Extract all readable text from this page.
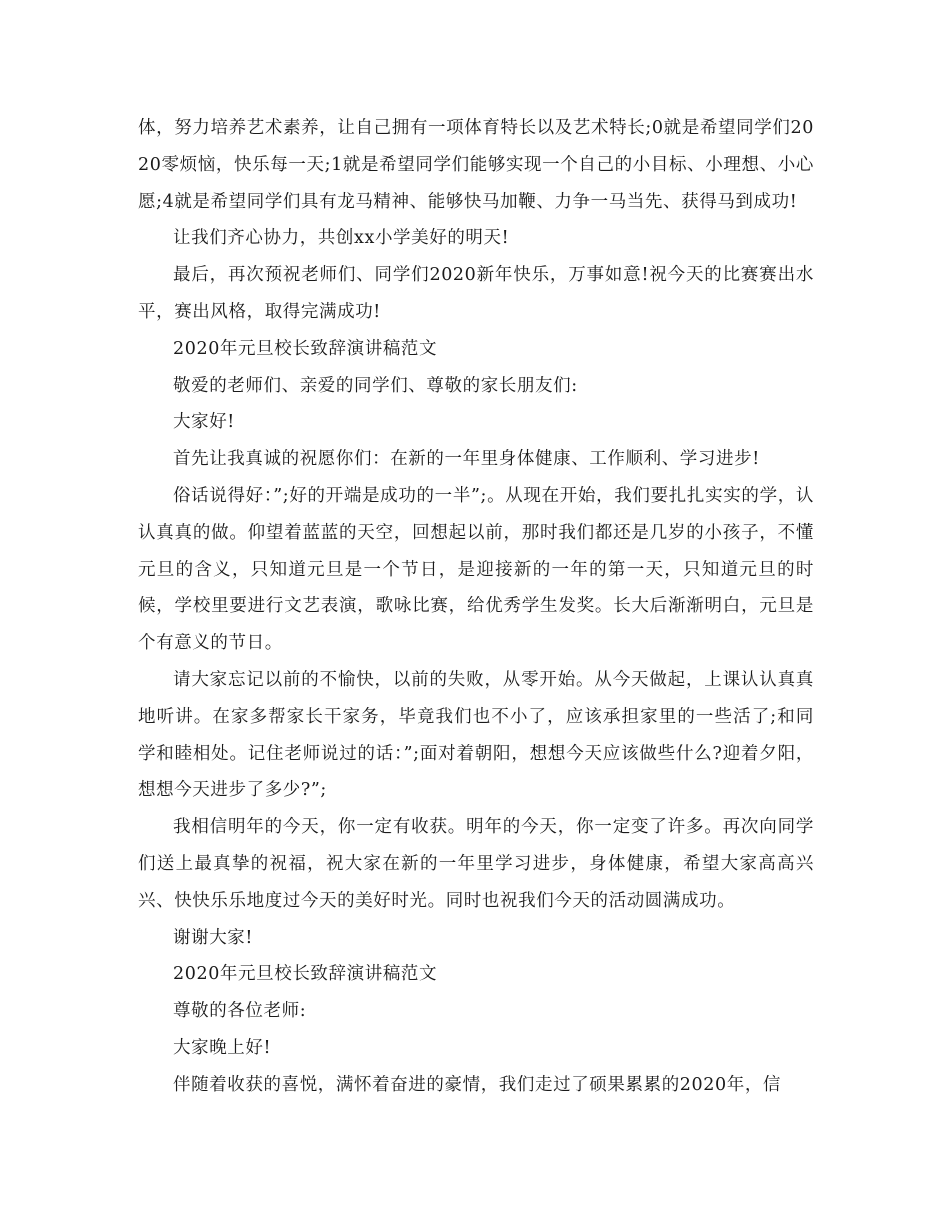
体，努力培养艺术素养，让自己拥有一项体育特长以及艺术特长;0就是希望同学们2020零烦恼，快乐每一天;1就是希望同学们能够实现一个自己的小目标、小理想、小心愿;4就是希望同学们具有龙马精神、能够快马加鞭、力争一马当先、获得马到成功!

让我们齐心协力，共创xx小学美好的明天!

最后，再次预祝老师们、同学们2020新年快乐，万事如意!祝今天的比赛赛出水平，赛出风格，取得完满成功!

2020年元旦校长致辞演讲稿范文

敬爱的老师们、亲爱的同学们、尊敬的家长朋友们:

大家好!

首先让我真诚的祝愿你们：在新的一年里身体健康、工作顺利、学习进步!

俗话说得好：”;好的开端是成功的一半”;。从现在开始，我们要扎扎实实的学，认认真真的做。仰望着蓝蓝的天空，回想起以前，那时我们都还是几岁的小孩子，不懂元旦的含义，只知道元旦是一个节日，是迎接新的一年的第一天，只知道元旦的时候，学校里要进行文艺表演，歌咏比赛，给优秀学生发奖。长大后渐渐明白，元旦是个有意义的节日。

请大家忘记以前的不愉快，以前的失败，从零开始。从今天做起，上课认认真真地听讲。在家多帮家长干家务，毕竟我们也不小了，应该承担家里的一些活了;和同学和睦相处。记住老师说过的话：”;面对着朝阳，想想今天应该做些什么?迎着夕阳，想想今天进步了多少?”;

我相信明年的今天，你一定有收获。明年的今天，你一定变了许多。再次向同学们送上最真挚的祝福，祝大家在新的一年里学习进步，身体健康，希望大家高高兴兴、快快乐乐地度过今天的美好时光。同时也祝我们今天的活动圆满成功。

谢谢大家!

2020年元旦校长致辞演讲稿范文

尊敬的各位老师:

大家晚上好!

伴随着收获的喜悦，满怀着奋进的豪情，我们走过了硕果累累的2020年，信
